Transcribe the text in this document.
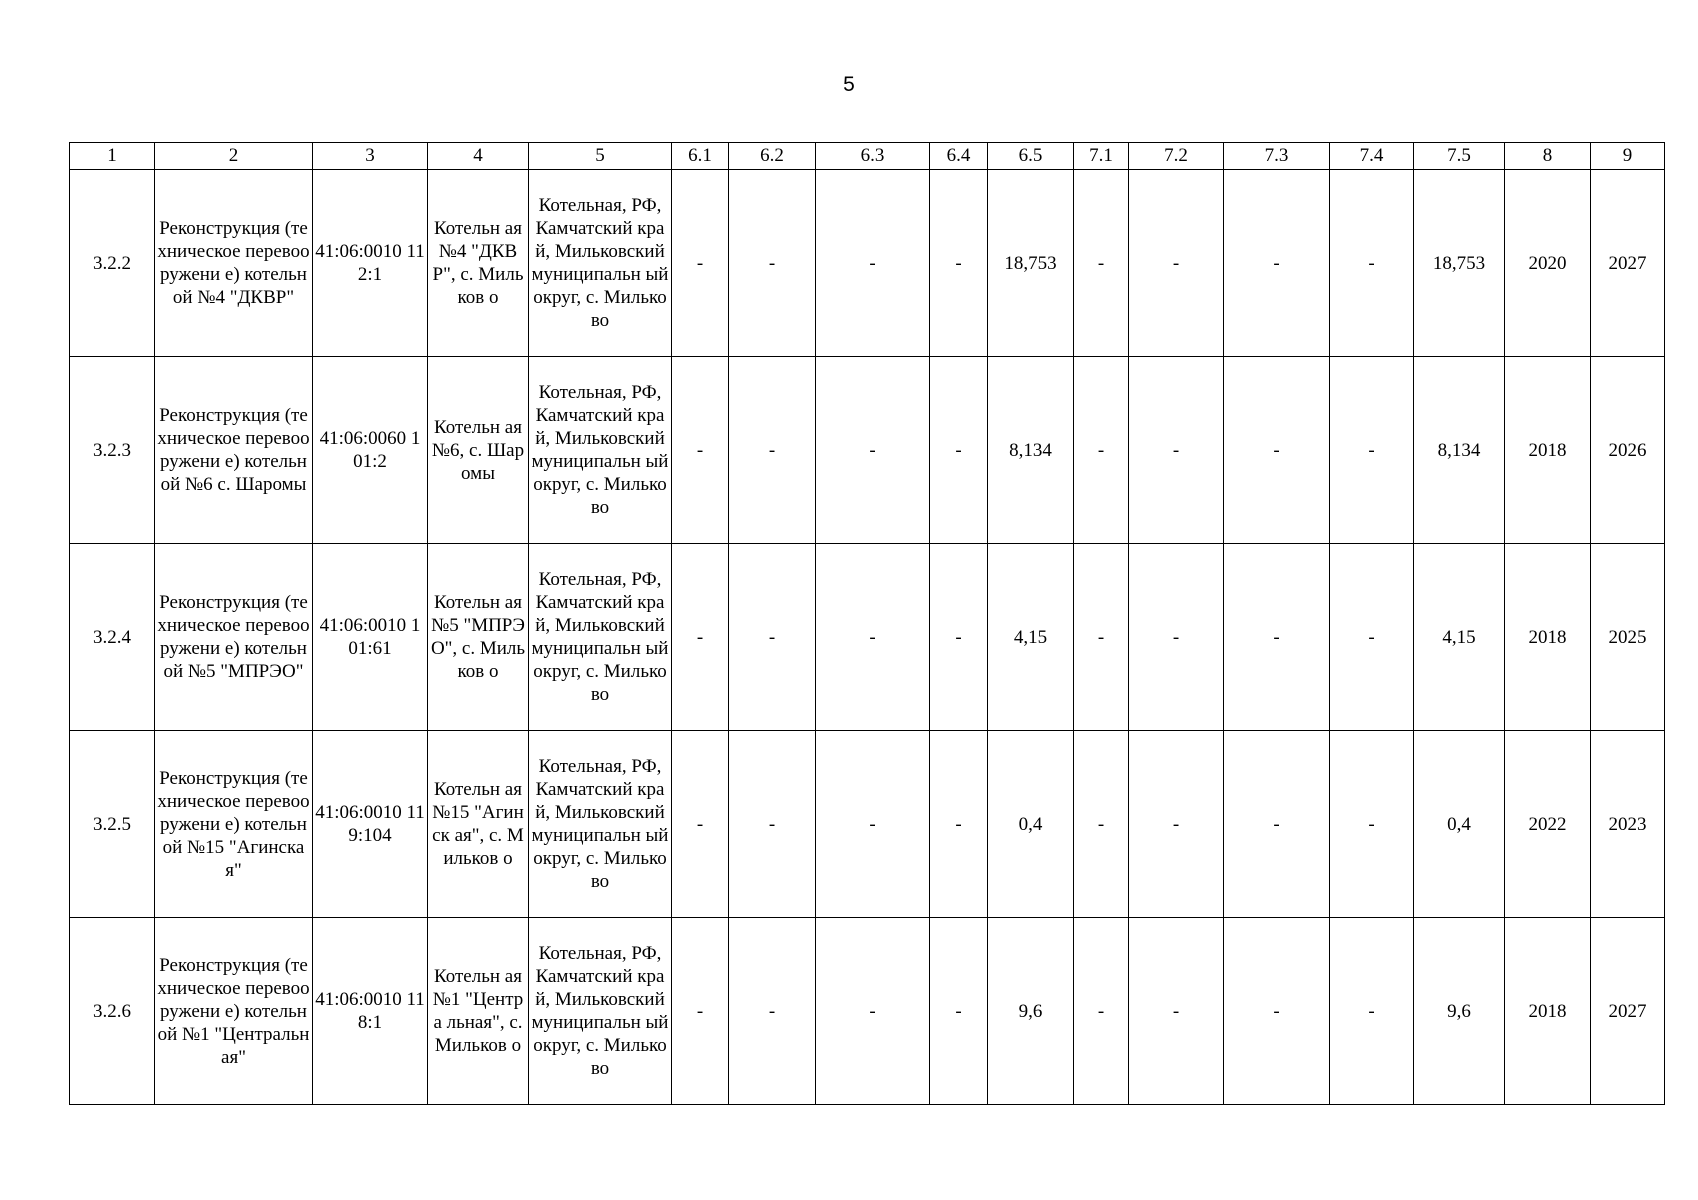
5
1	2	3	4	5	6.1	6.2	6.3	6.4	6.5	7.1	7.2	7.3	7.4	7.5	8	9

3.2.2	Реконструкция (техническое перевооружени е) котельной №4 "ДКВР"	41:06:0010 112:1	Котельн ая №4 "ДКВР", с. Мильков о	Котельная, РФ, Камчатский край, Мильковский муниципальн ый округ, с. Мильково	-	-	-	-	18,753	-	-	-	-	18,753	2020	2027

3.2.3	Реконструкция (техническое перевооружени е) котельной №6 с. Шаромы	41:06:0060 101:2	Котельн ая №6, с. Шаромы	Котельная, РФ, Камчатский край, Мильковский муниципальн ый округ, с. Мильково	-	-	-	-	8,134	-	-	-	-	8,134	2018	2026

3.2.4	Реконструкция (техническое перевооружени е) котельной №5 "МПРЭО"	41:06:0010 101:61	Котельн ая №5 "МПРЭ О", с. Мильков о	Котельная, РФ, Камчатский край, Мильковский муниципальн ый округ, с. Мильково	-	-	-	-	4,15	-	-	-	-	4,15	2018	2025

3.2.5	Реконструкция (техническое перевооружени е) котельной №15 "Агинская"	41:06:0010 119:104	Котельн ая №15 "Агинск ая", с. Мильков о	Котельная, РФ, Камчатский край, Мильковский муниципальн ый округ, с. Мильково	-	-	-	-	0,4	-	-	-	-	0,4	2022	2023

3.2.6	Реконструкция (техническое перевооружени е) котельной №1 "Центральная"	41:06:0010 118:1	Котельн ая №1 "Центра льная", с. Мильков о	Котельная, РФ, Камчатский край, Мильковский муниципальн ый округ, с. Мильково	-	-	-	-	9,6	-	-	-	-	9,6	2018	2027
